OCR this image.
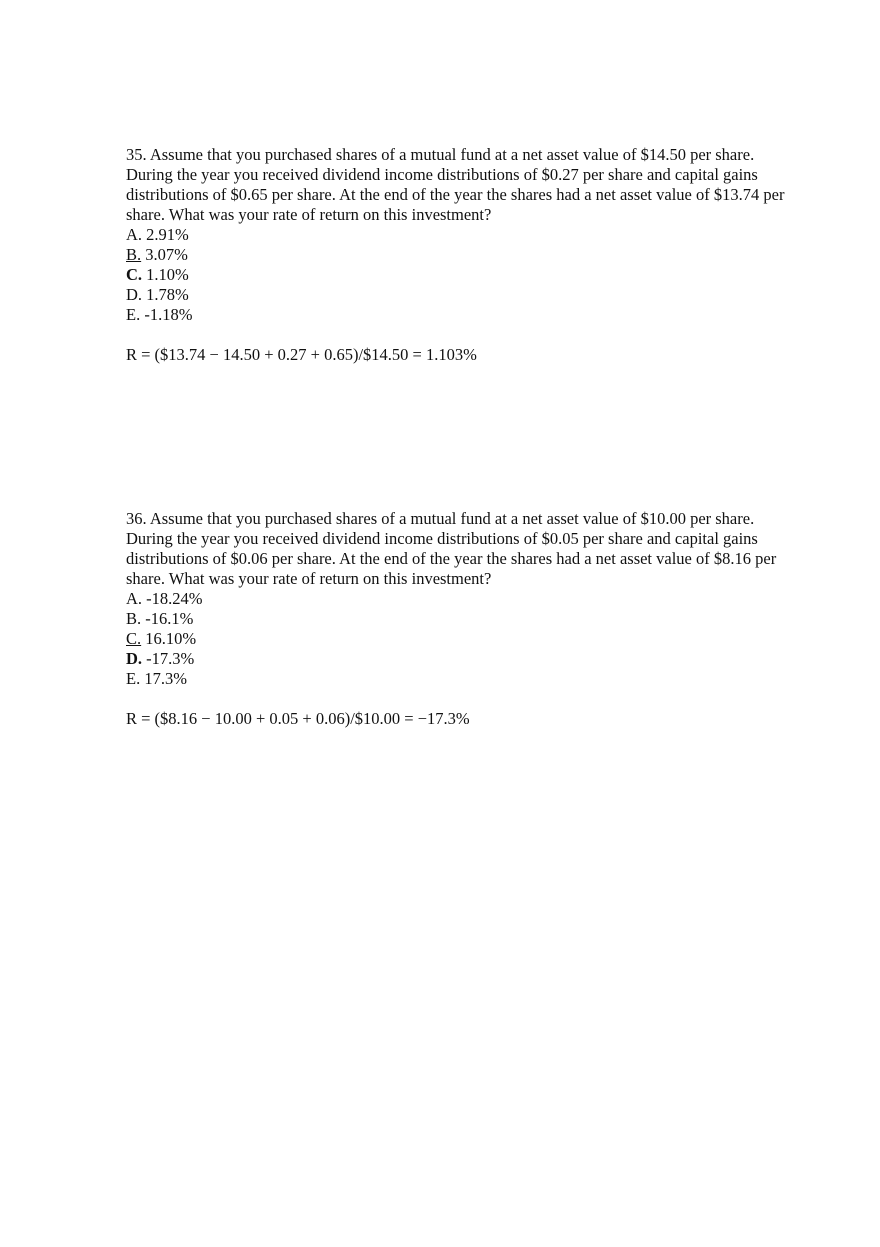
35. Assume that you purchased shares of a mutual fund at a net asset value of $14.50 per share. During the year you received dividend income distributions of $0.27 per share and capital gains distributions of $0.65 per share. At the end of the year the shares had a net asset value of $13.74 per share. What was your rate of return on this investment?

A. 2.91%
B. 3.07%
C. 1.10%
D. 1.78%
E. -1.18%

R = ($13.74 − 14.50 + 0.27 + 0.65)/$14.50 = 1.103%

36. Assume that you purchased shares of a mutual fund at a net asset value of $10.00 per share. During the year you received dividend income distributions of $0.05 per share and capital gains distributions of $0.06 per share. At the end of the year the shares had a net asset value of $8.16 per share. What was your rate of return on this investment?

A. -18.24%
B. -16.1%
C. 16.10%
D. -17.3%
E. 17.3%

R = ($8.16 − 10.00 + 0.05 + 0.06)/$10.00 = −17.3%
